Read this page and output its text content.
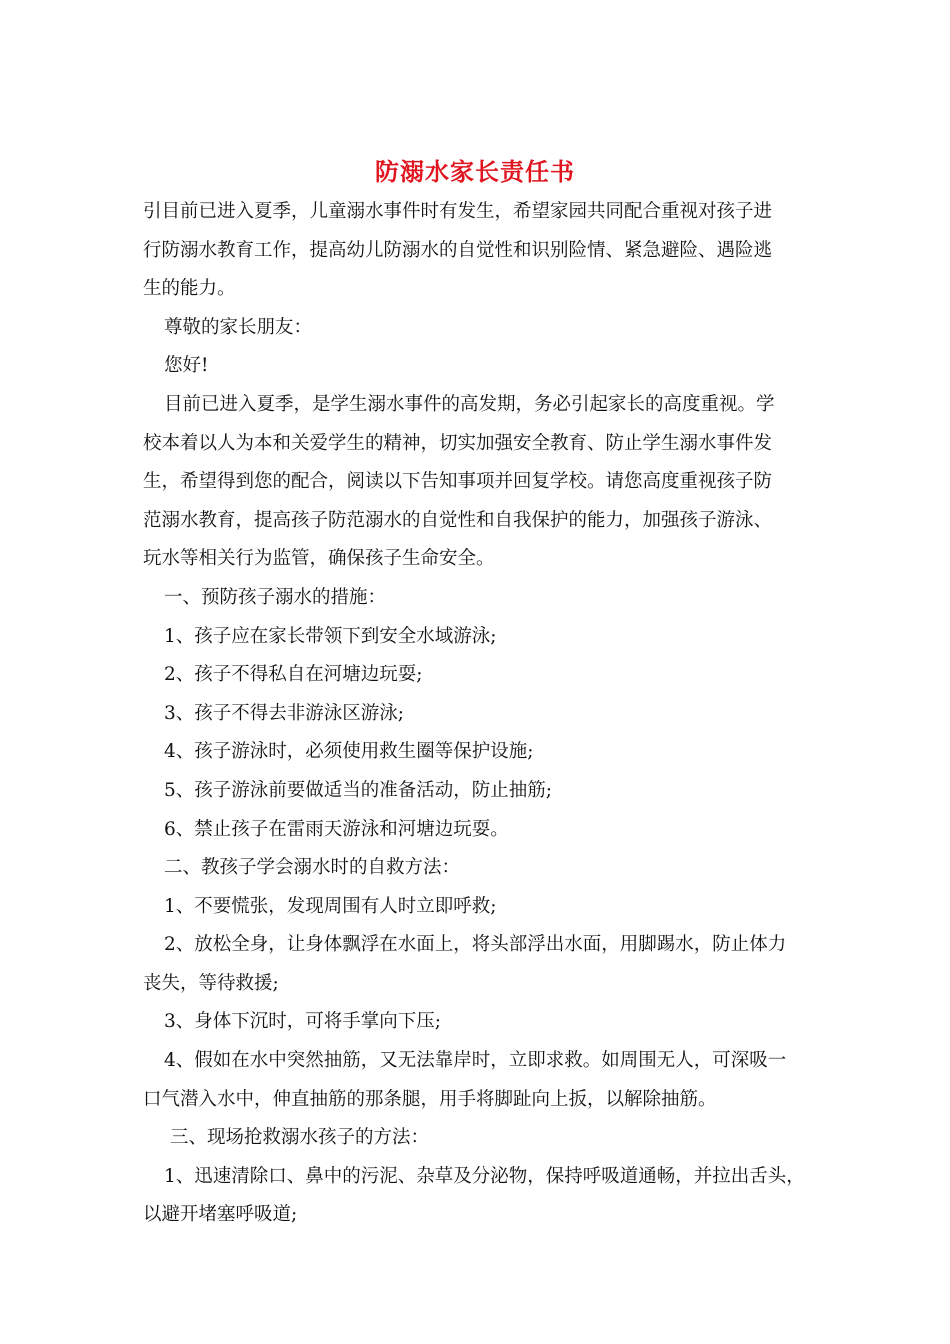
防溺水家长责任书
引目前已进入夏季，儿童溺水事件时有发生，希望家园共同配合重视对孩子进
行防溺水教育工作，提高幼儿防溺水的自觉性和识别险情、紧急避险、遇险逃
生的能力。
尊敬的家长朋友：
您好!
目前已进入夏季，是学生溺水事件的高发期，务必引起家长的高度重视。学
校本着以人为本和关爱学生的精神，切实加强安全教育、防止学生溺水事件发
生，希望得到您的配合，阅读以下告知事项并回复学校。请您高度重视孩子防
范溺水教育，提高孩子防范溺水的自觉性和自我保护的能力，加强孩子游泳、
玩水等相关行为监管，确保孩子生命安全。
一、预防孩子溺水的措施：
1、孩子应在家长带领下到安全水域游泳;
2、孩子不得私自在河塘边玩耍;
3、孩子不得去非游泳区游泳;
4、孩子游泳时，必须使用救生圈等保护设施;
5、孩子游泳前要做适当的准备活动，防止抽筋;
6、禁止孩子在雷雨天游泳和河塘边玩耍。
二、教孩子学会溺水时的自救方法：
1、不要慌张，发现周围有人时立即呼救;
2、放松全身，让身体飘浮在水面上，将头部浮出水面，用脚踢水，防止体力
丧失，等待救援;
3、身体下沉时，可将手掌向下压;
4、假如在水中突然抽筋，又无法靠岸时，立即求救。如周围无人，可深吸一
口气潜入水中，伸直抽筋的那条腿，用手将脚趾向上扳，以解除抽筋。
三、现场抢救溺水孩子的方法：
1、迅速清除口、鼻中的污泥、杂草及分泌物，保持呼吸道通畅，并拉出舌头，
以避开堵塞呼吸道;
